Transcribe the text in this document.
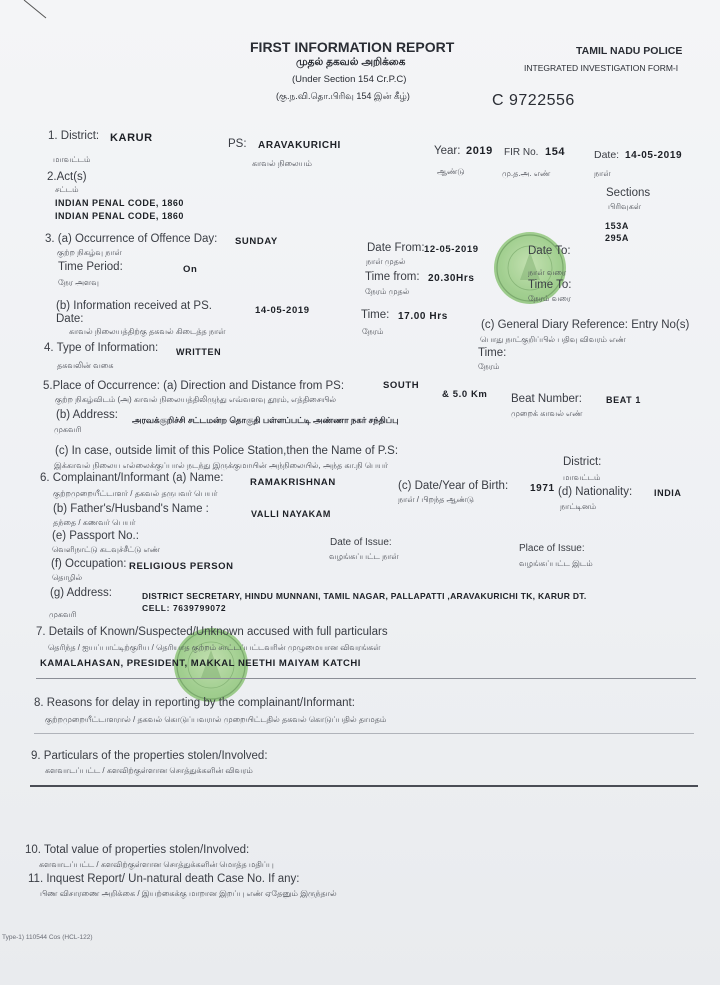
FIRST INFORMATION REPORT
முதல் தகவல் அறிக்கை
(Under Section 154 Cr.P.C)
(கு.ந.வி.தொ.பிரிவு 154 இன் கீழ்)
TAMIL NADU POLICE
INTEGRATED INVESTIGATION FORM-I
C 9722556
1. District: KARUR
மாவட்டம்
PS: ARAVAKURICHI
காவல் நிலையம்
Year: 2019 FIR No. 154
ஆண்டு	மு.த.அ. எண்
Date: 14-05-2019
நாள்
2.Act(s)
சட்டம்
INDIAN PENAL CODE, 1860
INDIAN PENAL CODE, 1860
Sections
பிரிவுகள்
153A
295A
3. (a) Occurrence of Offence Day: SUNDAY
குற்ற நிகழ்வு நாள்	Date From: 12-05-2019
நாள் முதல்
Date To:
நாள் வரை
Time Period:	On
நேர அளவு	Time from: 20.30Hrs
நேரம் முதல்
Time To:
நேரம் வரை
(b) Information received at PS.	14-05-2019
Date:
காவல் நிலையத்திற்கு தகவல் கிடைத்த நாள்
Time: 17.00 Hrs
நேரம்
(c) General Diary Reference: Entry No(s)
பொது நாட்குறிப்பில் பதிவு விவரம் எண்
Time:
நேரம்
4. Type of Information: WRITTEN
தகவலின் வகை
5.Place of Occurrence: (a) Direction and Distance from PS:	SOUTH
& 5.0 Km
குற்ற நிகழ்விடம் (அ) காவல் நிலையத்திலிருந்து எவ்வளவு தூரம், எத்திசையில்	Beat Number:	BEAT 1
முறைக் காவல் எண்
(b) Address: அரவக்குறிச்சி சட்டமன்ற தொகுதி பள்ளப்பட்டி அண்ணா நகர் சந்திப்பு
முகவரி
(c) In case, outside limit of this Police Station,then the Name of P.S:
இக்காவல் நிலைய எல்லைக்குப்பால் நடந்து இருக்குமாயின் அந்நிலையில், அந்த கா.நி பெயர்	District:
மாவட்டம்
6. Complainant/Informant (a) Name:	RAMAKRISHNAN
குற்றமுறையீட்டாளர் / தகவல் தருபவர் பெயர்
(c) Date/Year of Birth: 1971
நாள் / பிறந்த ஆண்டு
(d) Nationality: INDIA
நாட்டினம்
(b) Father's/Husband's Name :	VALLI NAYAKAM
தந்தை / கணவர் பெயர்
(e) Passport No.:
வெளிநாட்டு கடவுச்சீட்டு எண்
Date of Issue:
வழங்கப்பட்ட நாள்
Place of Issue:
வழங்கப்பட்ட இடம்
(f) Occupation: RELIGIOUS PERSON
தொழில்
(g) Address:	DISTRICT SECRETARY, HINDU MUNNANI, TAMIL NAGAR, PALLAPATTI ,ARAVAKURICHI TK, KARUR DT.
CELL: 7639799072
முகவரி
7. Details of Known/Suspected/Unknown accused with full particulars
தெரிந்த / ஐயப்பாட்டிற்குரிய / தெரியாத குற்றம் சாட்டப்பட்டவரின் முழுமையான விவரங்கள்
KAMALAHASAN, PRESIDENT, MAKKAL NEETHI MAIYAM KATCHI
8. Reasons for delay in reporting by the complainant/Informant:
குற்றமுறையீட்டாளரால் / தகவல் கொடுப்பவரால் முறையிட்டதில் தகவல் கொடுப்பதில் தாமதம்
9. Particulars of the properties stolen/Involved:
களவாடப்பட்ட / களவிற்குள்ளான சொத்துக்களின் விவரம்
10. Total value of properties stolen/Involved:
களவாடப்பட்ட / களவிற்குள்ளான சொத்துக்களின் மொத்த மதிப்பு
11. Inquest Report/ Un-natural death Case No. If any:
பிண விசாரணை அறிக்கை / இயற்கைக்கு மாறான இறப்பு எண் ஏதேனும் இருந்தால்
Type-1) 110544 Cos (HCL-122)
